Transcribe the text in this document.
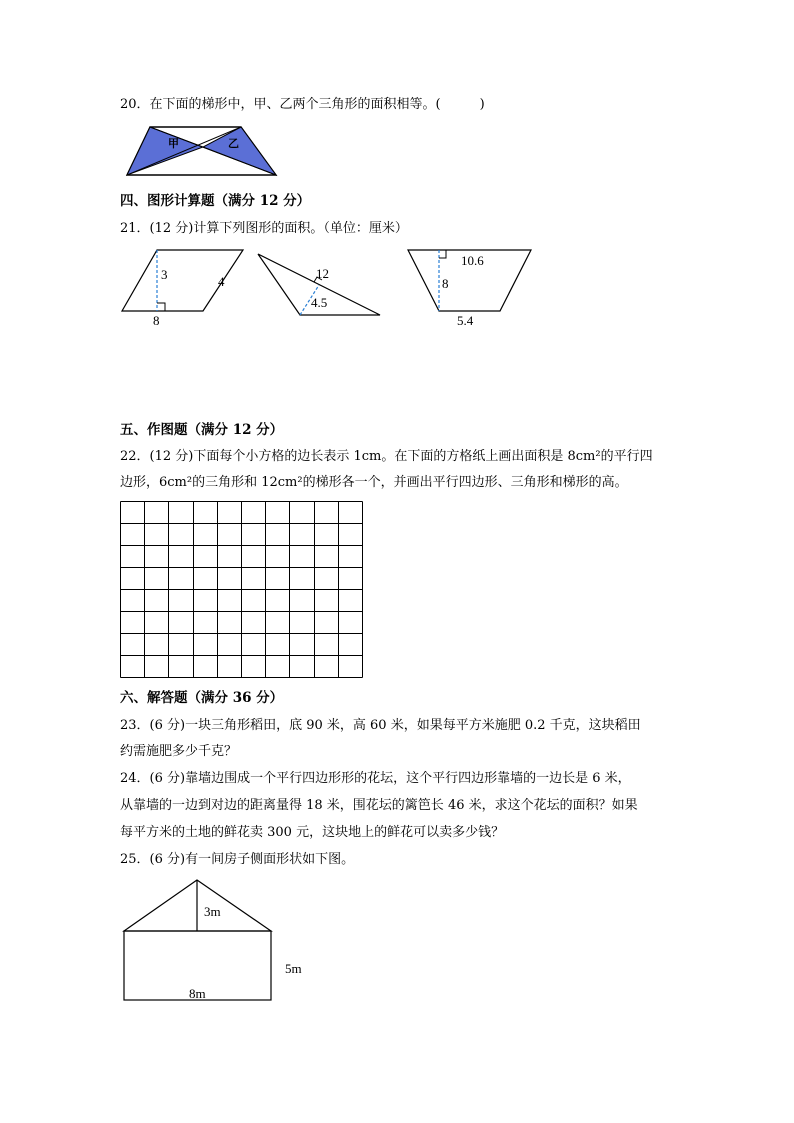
20．在下面的梯形中，甲、乙两个三角形的面积相等。(　　　)
甲	乙
四、图形计算题（满分 12 分）
21．(12 分)计算下列图形的面积。（单位：厘米）
3	4
8
12
4.5
10.6
8
5.4
五、作图题（满分 12 分）
22．(12 分)下面每个小方格的边长表示 1cm。在下面的方格纸上画出面积是 8cm²的平行四
边形，6cm²的三角形和 12cm²的梯形各一个，并画出平行四边形、三角形和梯形的高。
六、解答题（满分 36 分）
23．(6 分)一块三角形稻田，底 90 米，高 60 米，如果每平方米施肥 0.2 千克，这块稻田
约需施肥多少千克？
24．(6 分)靠墙边围成一个平行四边形形的花坛，这个平行四边形靠墙的一边长是 6 米，
从靠墙的一边到对边的距离量得 18 米，围花坛的篱笆长 46 米，求这个花坛的面积？如果
每平方米的土地的鲜花卖 300 元，这块地上的鲜花可以卖多少钱？
25．(6 分)有一间房子侧面形状如下图。
3m
5m
8m
